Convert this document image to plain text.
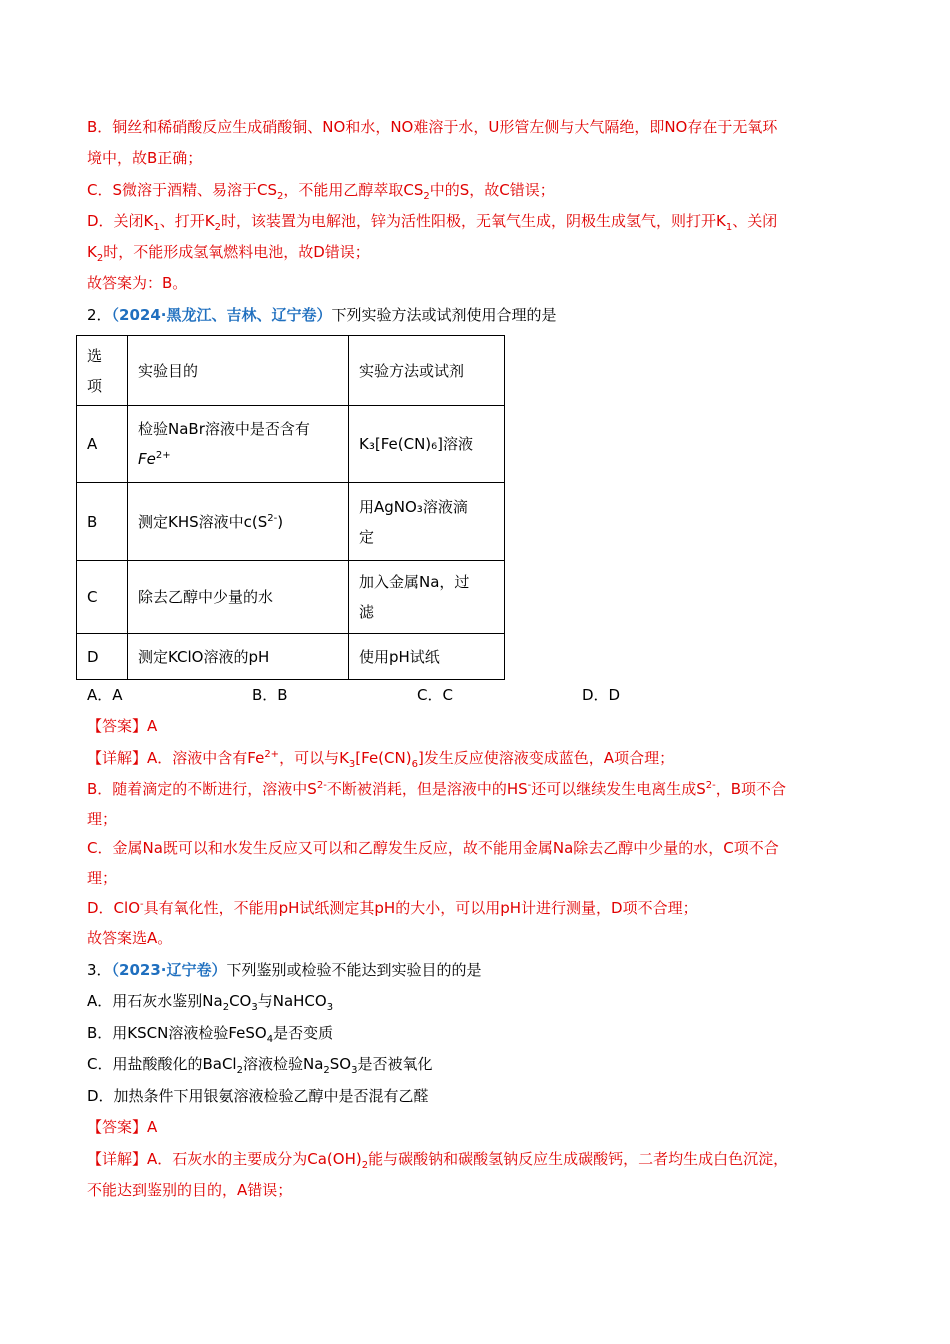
B．铜丝和稀硝酸反应生成硝酸铜、NO和水，NO难溶于水，U形管左侧与大气隔绝，即NO存在于无氧环
境中，故B正确；
C．S微溶于酒精、易溶于$CS_2$，不能用乙醇萃取$CS_2$中的S，故C错误；
D．关闭$K_1$、打开$K_2$时，该装置为电解池，锌为活性阳极，无氧气生成，阴极生成氢气，则打开$K_1$、关闭
$K_2$时，不能形成氢氧燃料电池，故D错误；
故答案为：B。
2．（2024·黑龙江、吉林、辽宁卷）下列实验方法或试剂使用合理的是
选
项	实验目的	实验方法或试剂
A	检验NaBr溶液中是否含有
$Fe^{2+}$	K₃[Fe(CN)₆]溶液
B	测定KHS溶液中$c(S^{2-})$	用AgNO₃溶液滴
定
C	除去乙醇中少量的水	加入金属Na，过
滤
D	测定KClO溶液的pH	使用pH试纸
A．A	B．B	C．C	D．D
【答案】A
【详解】A．溶液中含有$Fe^{2+}$，可以与$K_3[Fe(CN)_6]$发生反应使溶液变成蓝色，A项合理；
B．随着滴定的不断进行，溶液中$S^{2-}$不断被消耗，但是溶液中的HS-还可以继续发生电离生成$S^{2-}$，B项不合
理；
C．金属Na既可以和水发生反应又可以和乙醇发生反应，故不能用金属Na除去乙醇中少量的水，C项不合
理；
D．ClO-具有氧化性，不能用pH试纸测定其pH的大小，可以用pH计进行测量，D项不合理；
故答案选A。
3．（2023·辽宁卷）下列鉴别或检验不能达到实验目的的是
A．用石灰水鉴别$Na_2CO_3$与NaHCO$_3$
B．用KSCN溶液检验FeSO$_4$是否变质
C．用盐酸酸化的BaCl$_2$溶液检验$Na_2SO_3$是否被氧化
D．加热条件下用银氨溶液检验乙醇中是否混有乙醛
【答案】A
【详解】A．石灰水的主要成分为$Ca(OH)_2$能与碳酸钠和碳酸氢钠反应生成碳酸钙，二者均生成白色沉淀，
不能达到鉴别的目的，A错误；
